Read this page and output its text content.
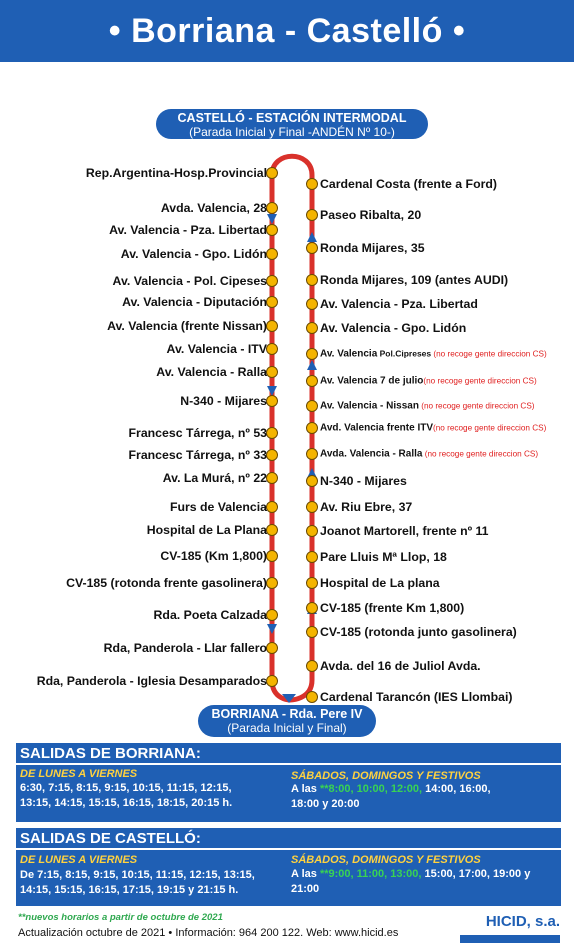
• Borriana - Castelló •
CASTELLÓ - ESTACIÓN INTERMODAL
(Parada Inicial y Final -ANDÉN Nº 10-)
Rep.Argentina-Hosp.Provincial
Avda. Valencia, 28
Av. Valencia - Pza. Libertad
Av. Valencia - Gpo. Lidón
Av. Valencia - Pol. Cipeses
Av. Valencia - Diputación
Av. Valencia (frente Nissan)
Av. Valencia - ITV
Av. Valencia - Ralla
N-340 - Mijares
Francesc Tárrega, nº 53
Francesc Tárrega, nº 33
Av. La Murá, nº 22
Furs de Valencia
Hospital de La Plana
CV-185 (Km 1,800)
CV-185 (rotonda frente gasolinera)
Rda. Poeta Calzada
Rda, Panderola - Llar fallero
Rda, Panderola - Iglesia Desamparados
Cardenal Costa (frente a Ford)
Paseo Ribalta, 20
Ronda Mijares, 35
Ronda Mijares, 109 (antes AUDI)
Av. Valencia - Pza. Libertad
Av. Valencia - Gpo. Lidón
Av. Valencia Pol.Cipreses (no recoge gente direccion CS)
Av. Valencia 7 de julio(no recoge gente direccion CS)
Av. Valencia - Nissan (no recoge gente direccion CS)
Avd. Valencia frente ITV(no recoge gente direccion CS)
Avda. Valencia - Ralla (no recoge gente direccion CS)
N-340 - Mijares
Av. Riu Ebre, 37
Joanot Martorell, frente nº 11
Pare Lluis Mª Llop, 18
Hospital de La plana
CV-185 (frente Km 1,800)
CV-185 (rotonda junto gasolinera)
Avda. del 16 de Juliol Avda.
Cardenal Tarancón (IES Llombai)
BORRIANA - Rda. Pere IV
(Parada Inicial y Final)
SALIDAS DE BORRIANA:
DE LUNES A VIERNES
6:30, 7:15, 8:15, 9:15, 10:15, 11:15, 12:15,
13:15, 14:15, 15:15, 16:15, 18:15, 20:15 h.
SÁBADOS, DOMINGOS Y FESTIVOS
A las **8:00, 10:00, 12:00, 14:00, 16:00,
18:00 y 20:00
SALIDAS DE CASTELLÓ:
DE LUNES A VIERNES
De 7:15, 8:15, 9:15, 10:15, 11:15, 12:15, 13:15,
14:15, 15:15, 16:15, 17:15, 19:15 y 21:15 h.
SÁBADOS, DOMINGOS Y FESTIVOS
A las **9:00, 11:00, 13:00, 15:00, 17:00, 19:00 y
21:00
**nuevos horarios a partir de octubre de 2021
Actualización octubre de 2021 • Información: 964 200 122. Web: www.hicid.es
HICID, s.a.
